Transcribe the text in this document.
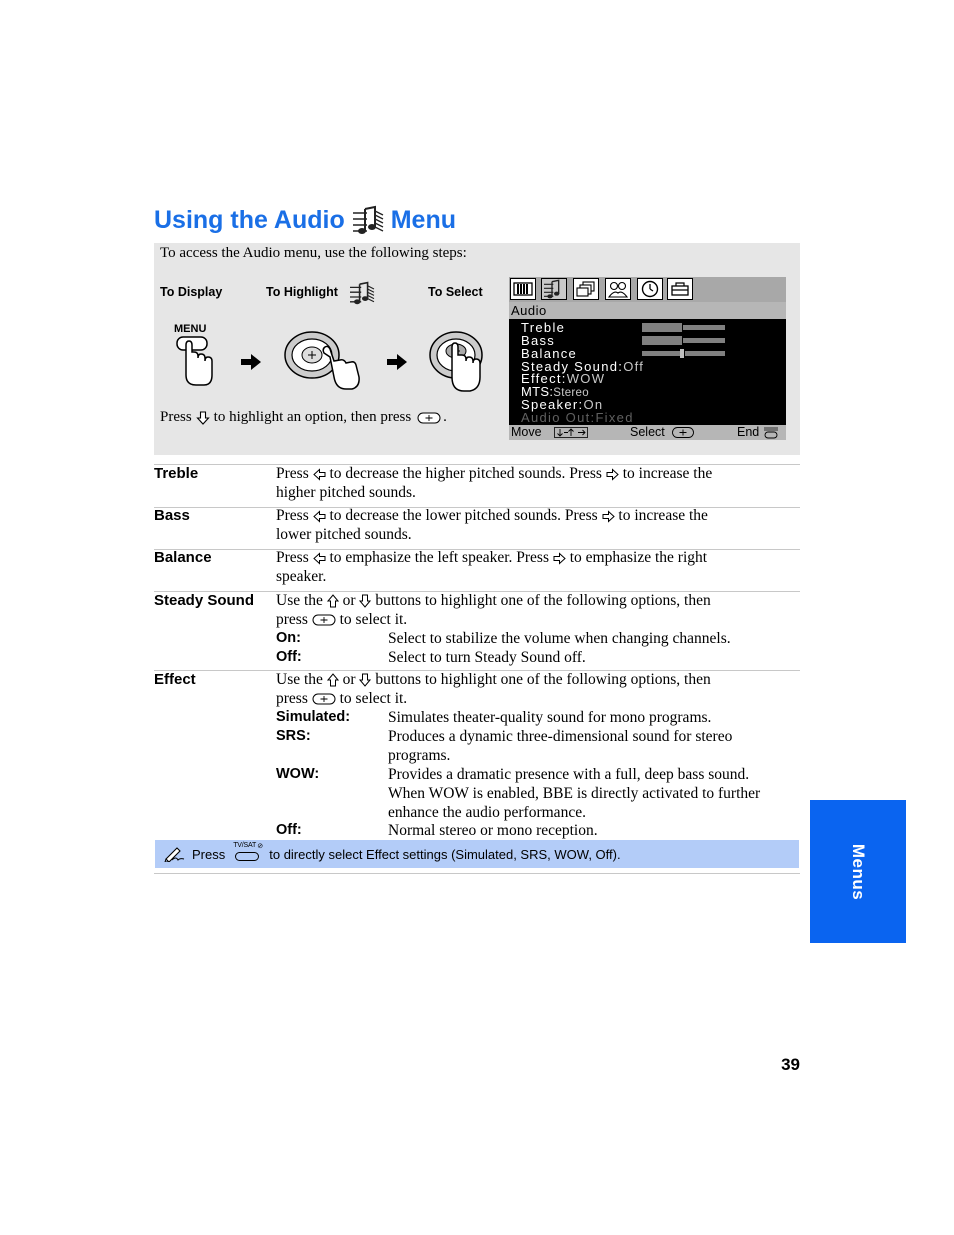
Using the Audio Menu
To access the Audio menu, use the following steps:
To Display	To Highlight	To Select
MENU
Press to highlight an option, then press .
Audio
Treble
Bass
Balance
Steady Sound:Off
Effect:WOW
MTS:Stereo
Speaker:On
Audio Out:Fixed
Move	Select	End
Treble	Press to decrease the higher pitched sounds. Press to increase the
higher pitched sounds.
Bass	Press to decrease the lower pitched sounds. Press to increase the
lower pitched sounds.
Balance	Press to emphasize the left speaker. Press to emphasize the right
speaker.
Steady Sound Use the or buttons to highlight one of the following options, then
press to select it.
On:	Select to stabilize the volume when changing channels.
Off:	Select to turn Steady Sound off.
Effect	Use the or buttons to highlight one of the following options, then
press to select it.
Simulated: Simulates theater-quality sound for mono programs.
SRS:	Produces a dynamic three-dimensional sound for stereo programs.
WOW:	Provides a dramatic presence with a full, deep bass sound. When WOW is enabled, BBE is directly activated to further enhance the audio performance.
Off:	Normal stereo or mono reception.
Press
TV/SAT ⊘ to directly select Effect settings (Simulated, SRS, WOW, Off).	Menus
39
